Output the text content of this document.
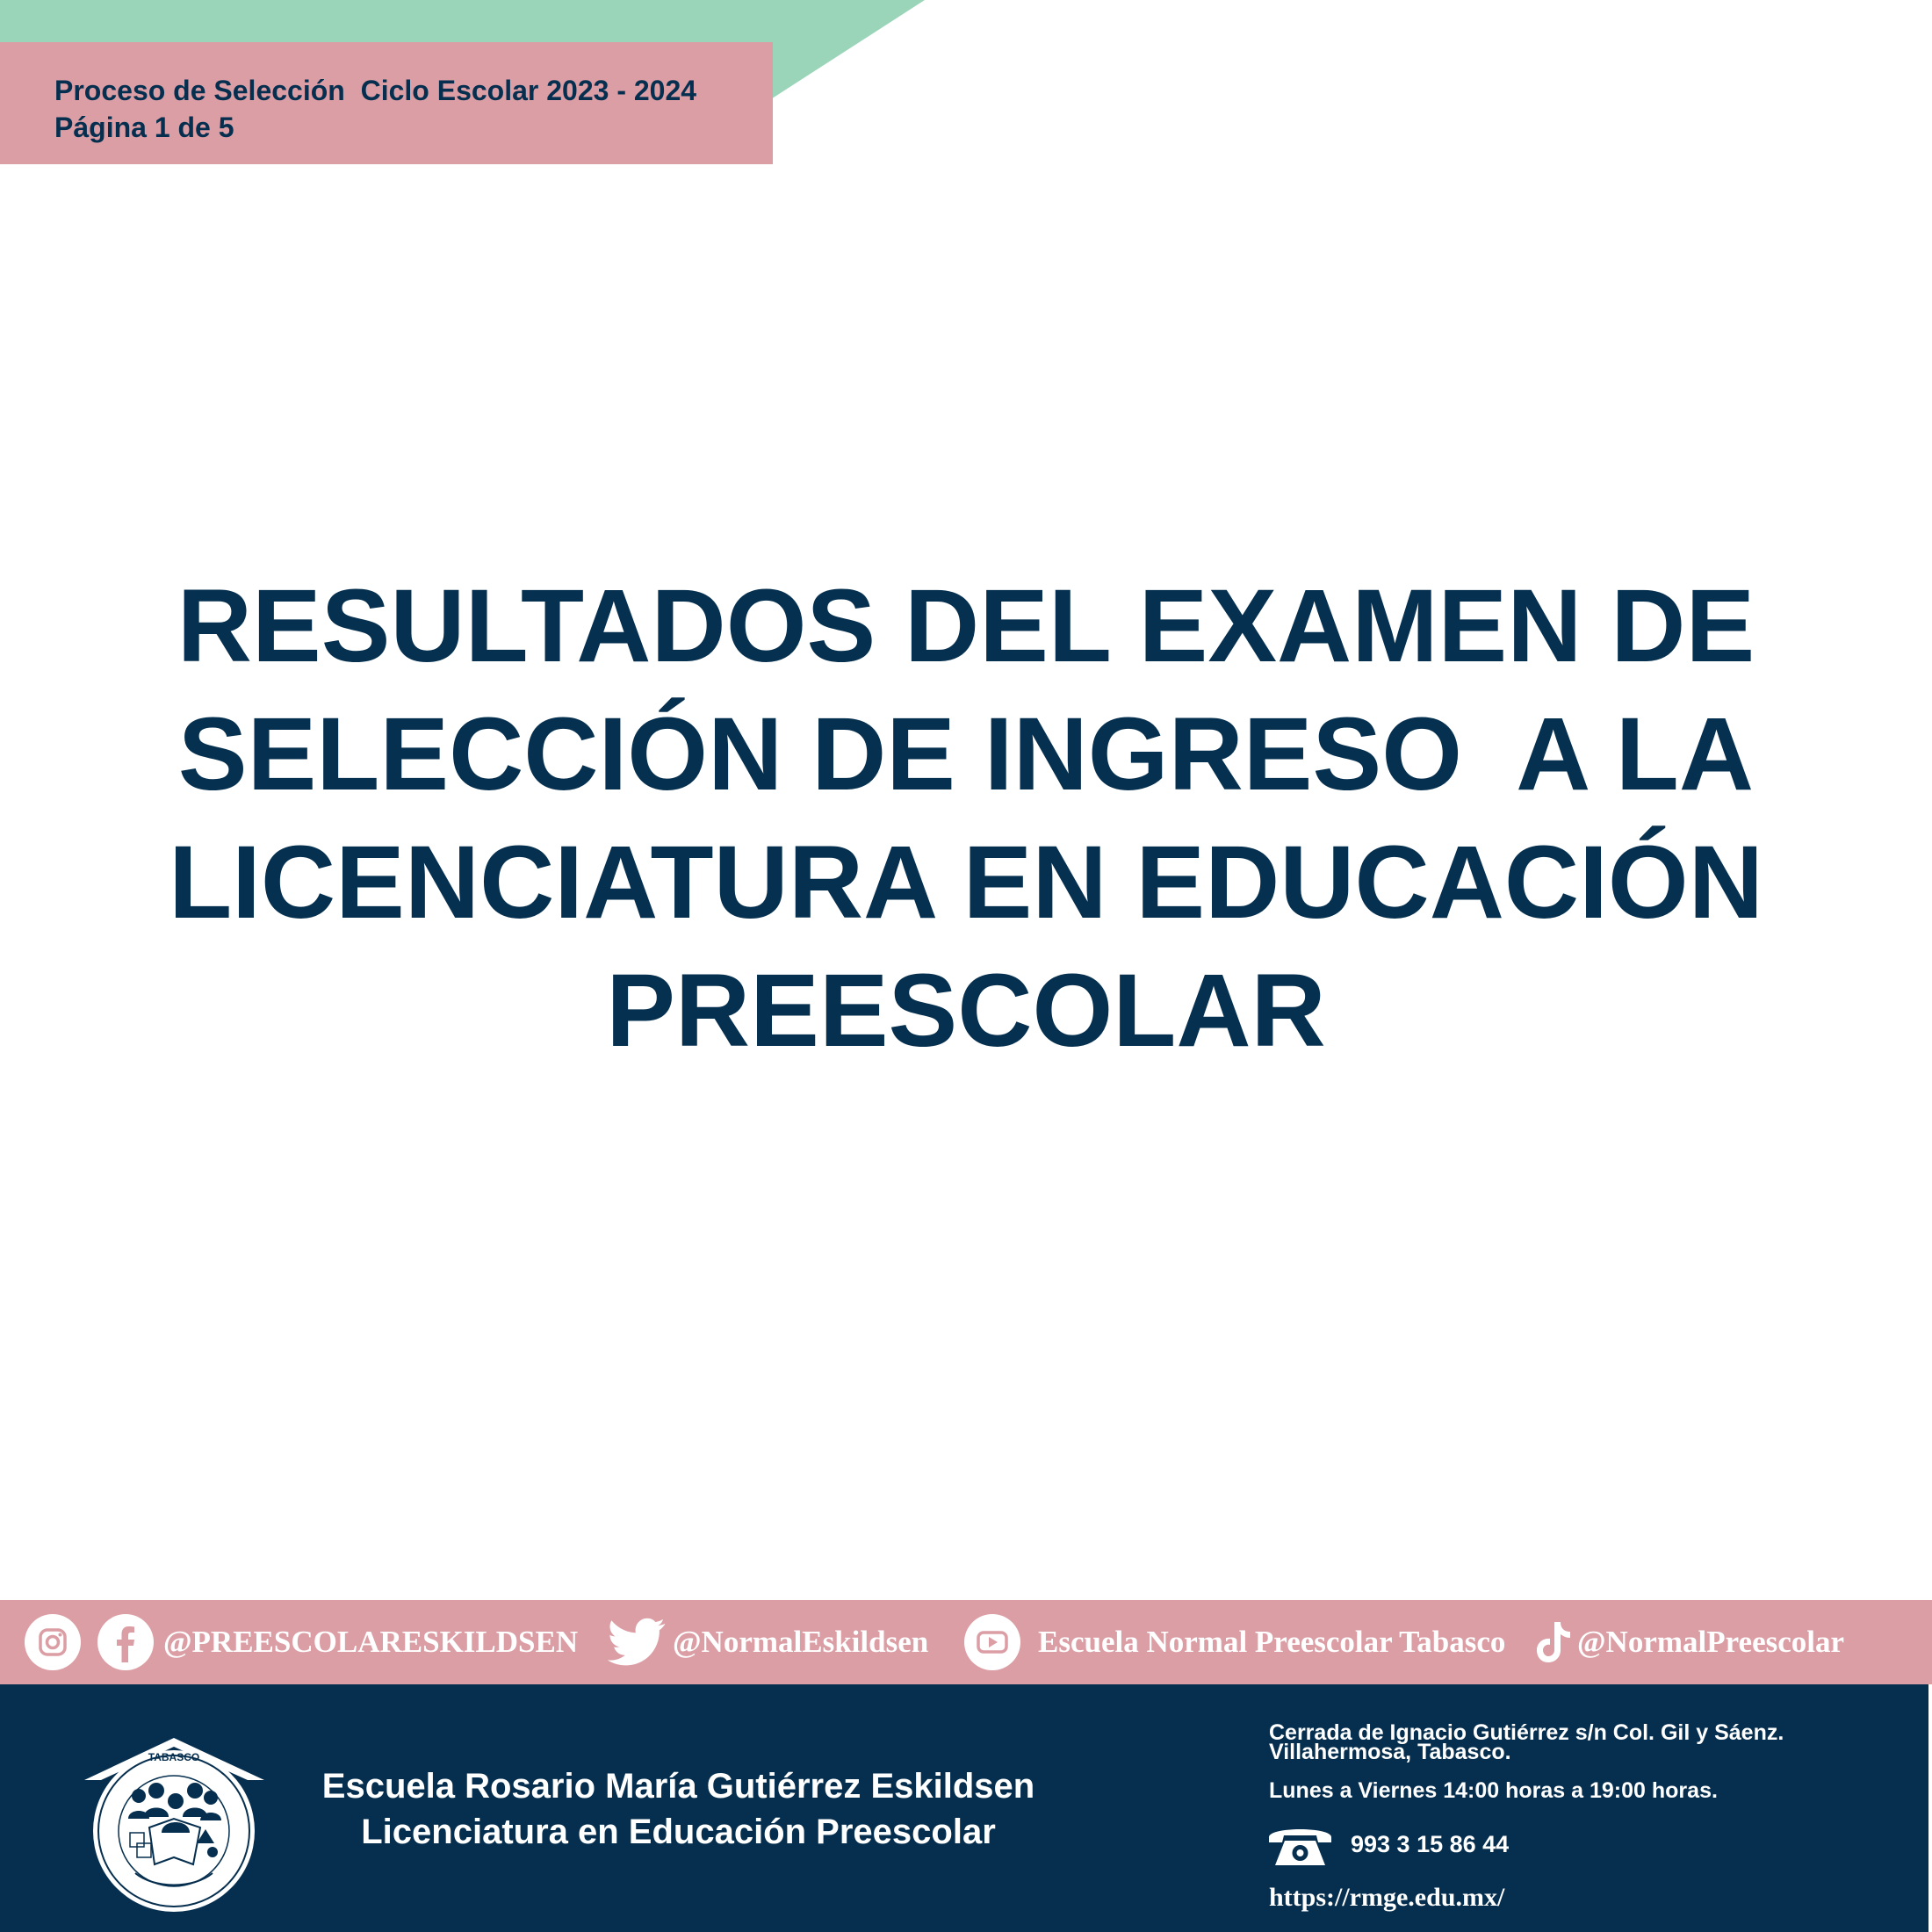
Proceso de Selección  Ciclo Escolar 2023 - 2024
Página 1 de 5
RESULTADOS DEL EXAMEN DE
SELECCIÓN DE INGRESO  A LA
LICENCIATURA EN EDUCACIÓN
PREESCOLAR
@PREESCOLARESKILDSEN	@NormalEskildsen	Escuela Normal Preescolar Tabasco @NormalPreescolar
TABASCO
Escuela Rosario María Gutiérrez Eskildsen
Licenciatura en Educación Preescolar
Cerrada de Ignacio Gutiérrez s/n Col. Gil y Sáenz.
Villahermosa, Tabasco.
Lunes a Viernes 14:00 horas a 19:00 horas.
993 3 15 86 44
https://rmge.edu.mx/
